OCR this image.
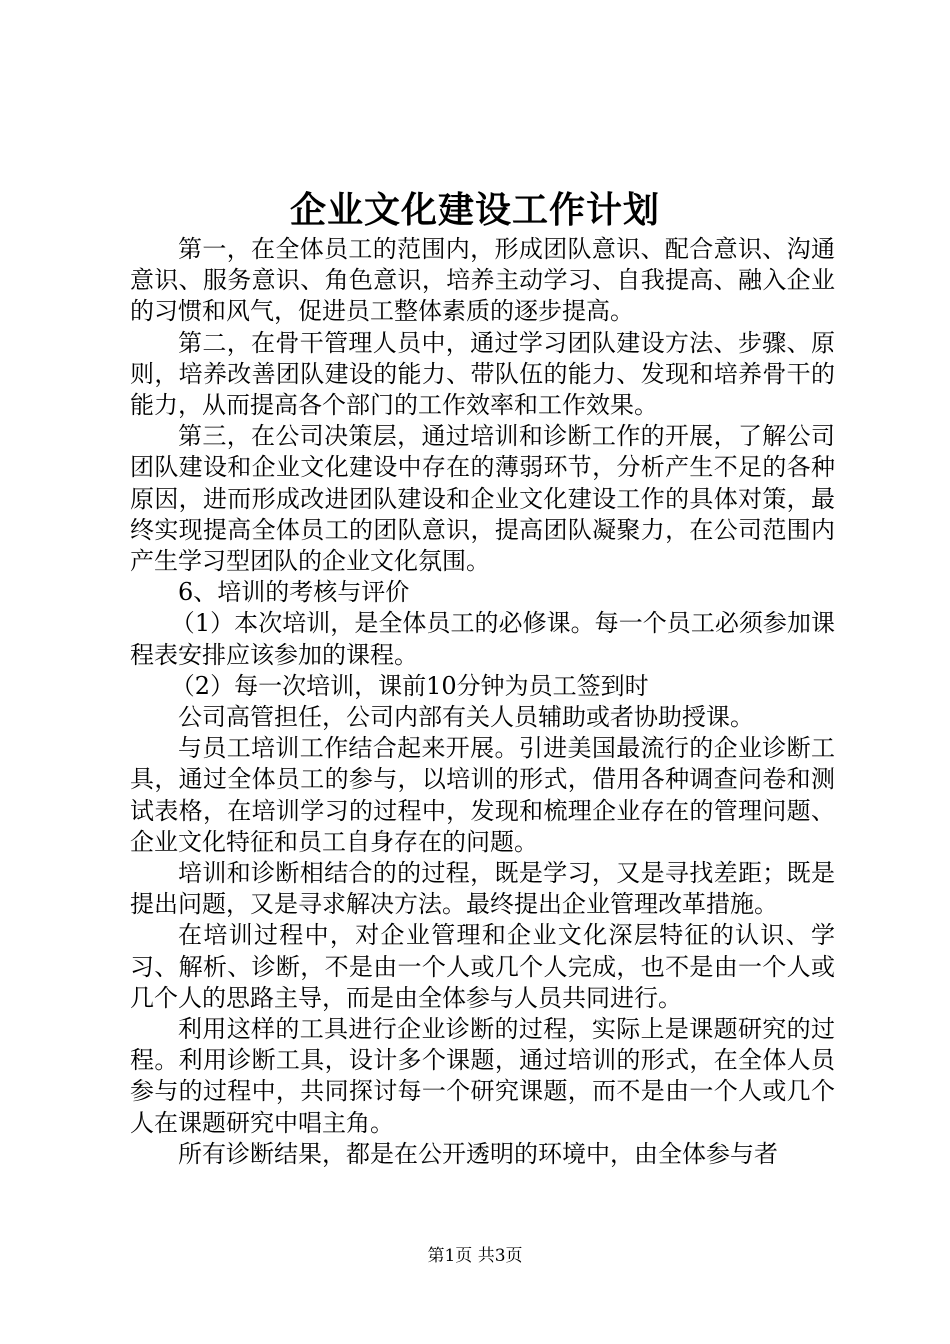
企业文化建设工作计划

第一，在全体员工的范围内，形成团队意识、配合意识、沟通意识、服务意识、角色意识，培养主动学习、自我提高、融入企业的习惯和风气，促进员工整体素质的逐步提高。

第二，在骨干管理人员中，通过学习团队建设方法、步骤、原则，培养改善团队建设的能力、带队伍的能力、发现和培养骨干的能力，从而提高各个部门的工作效率和工作效果。

第三，在公司决策层，通过培训和诊断工作的开展，了解公司团队建设和企业文化建设中存在的薄弱环节，分析产生不足的各种原因，进而形成改进团队建设和企业文化建设工作的具体对策，最终实现提高全体员工的团队意识，提高团队凝聚力，在公司范围内产生学习型团队的企业文化氛围。

6、培训的考核与评价

（1）本次培训，是全体员工的必修课。每一个员工必须参加课程表安排应该参加的课程。

（2）每一次培训，课前10分钟为员工签到时

公司高管担任，公司内部有关人员辅助或者协助授课。

与员工培训工作结合起来开展。引进美国最流行的企业诊断工具，通过全体员工的参与，以培训的形式，借用各种调查问卷和测试表格，在培训学习的过程中，发现和梳理企业存在的管理问题、企业文化特征和员工自身存在的问题。

培训和诊断相结合的的过程，既是学习，又是寻找差距；既是提出问题，又是寻求解决方法。最终提出企业管理改革措施。

在培训过程中，对企业管理和企业文化深层特征的认识、学习、解析、诊断，不是由一个人或几个人完成，也不是由一个人或几个人的思路主导，而是由全体参与人员共同进行。

利用这样的工具进行企业诊断的过程，实际上是课题研究的过程。利用诊断工具，设计多个课题，通过培训的形式，在全体人员参与的过程中，共同探讨每一个研究课题，而不是由一个人或几个人在课题研究中唱主角。

所有诊断结果，都是在公开透明的环境中，由全体参与者

第1页 共3页
